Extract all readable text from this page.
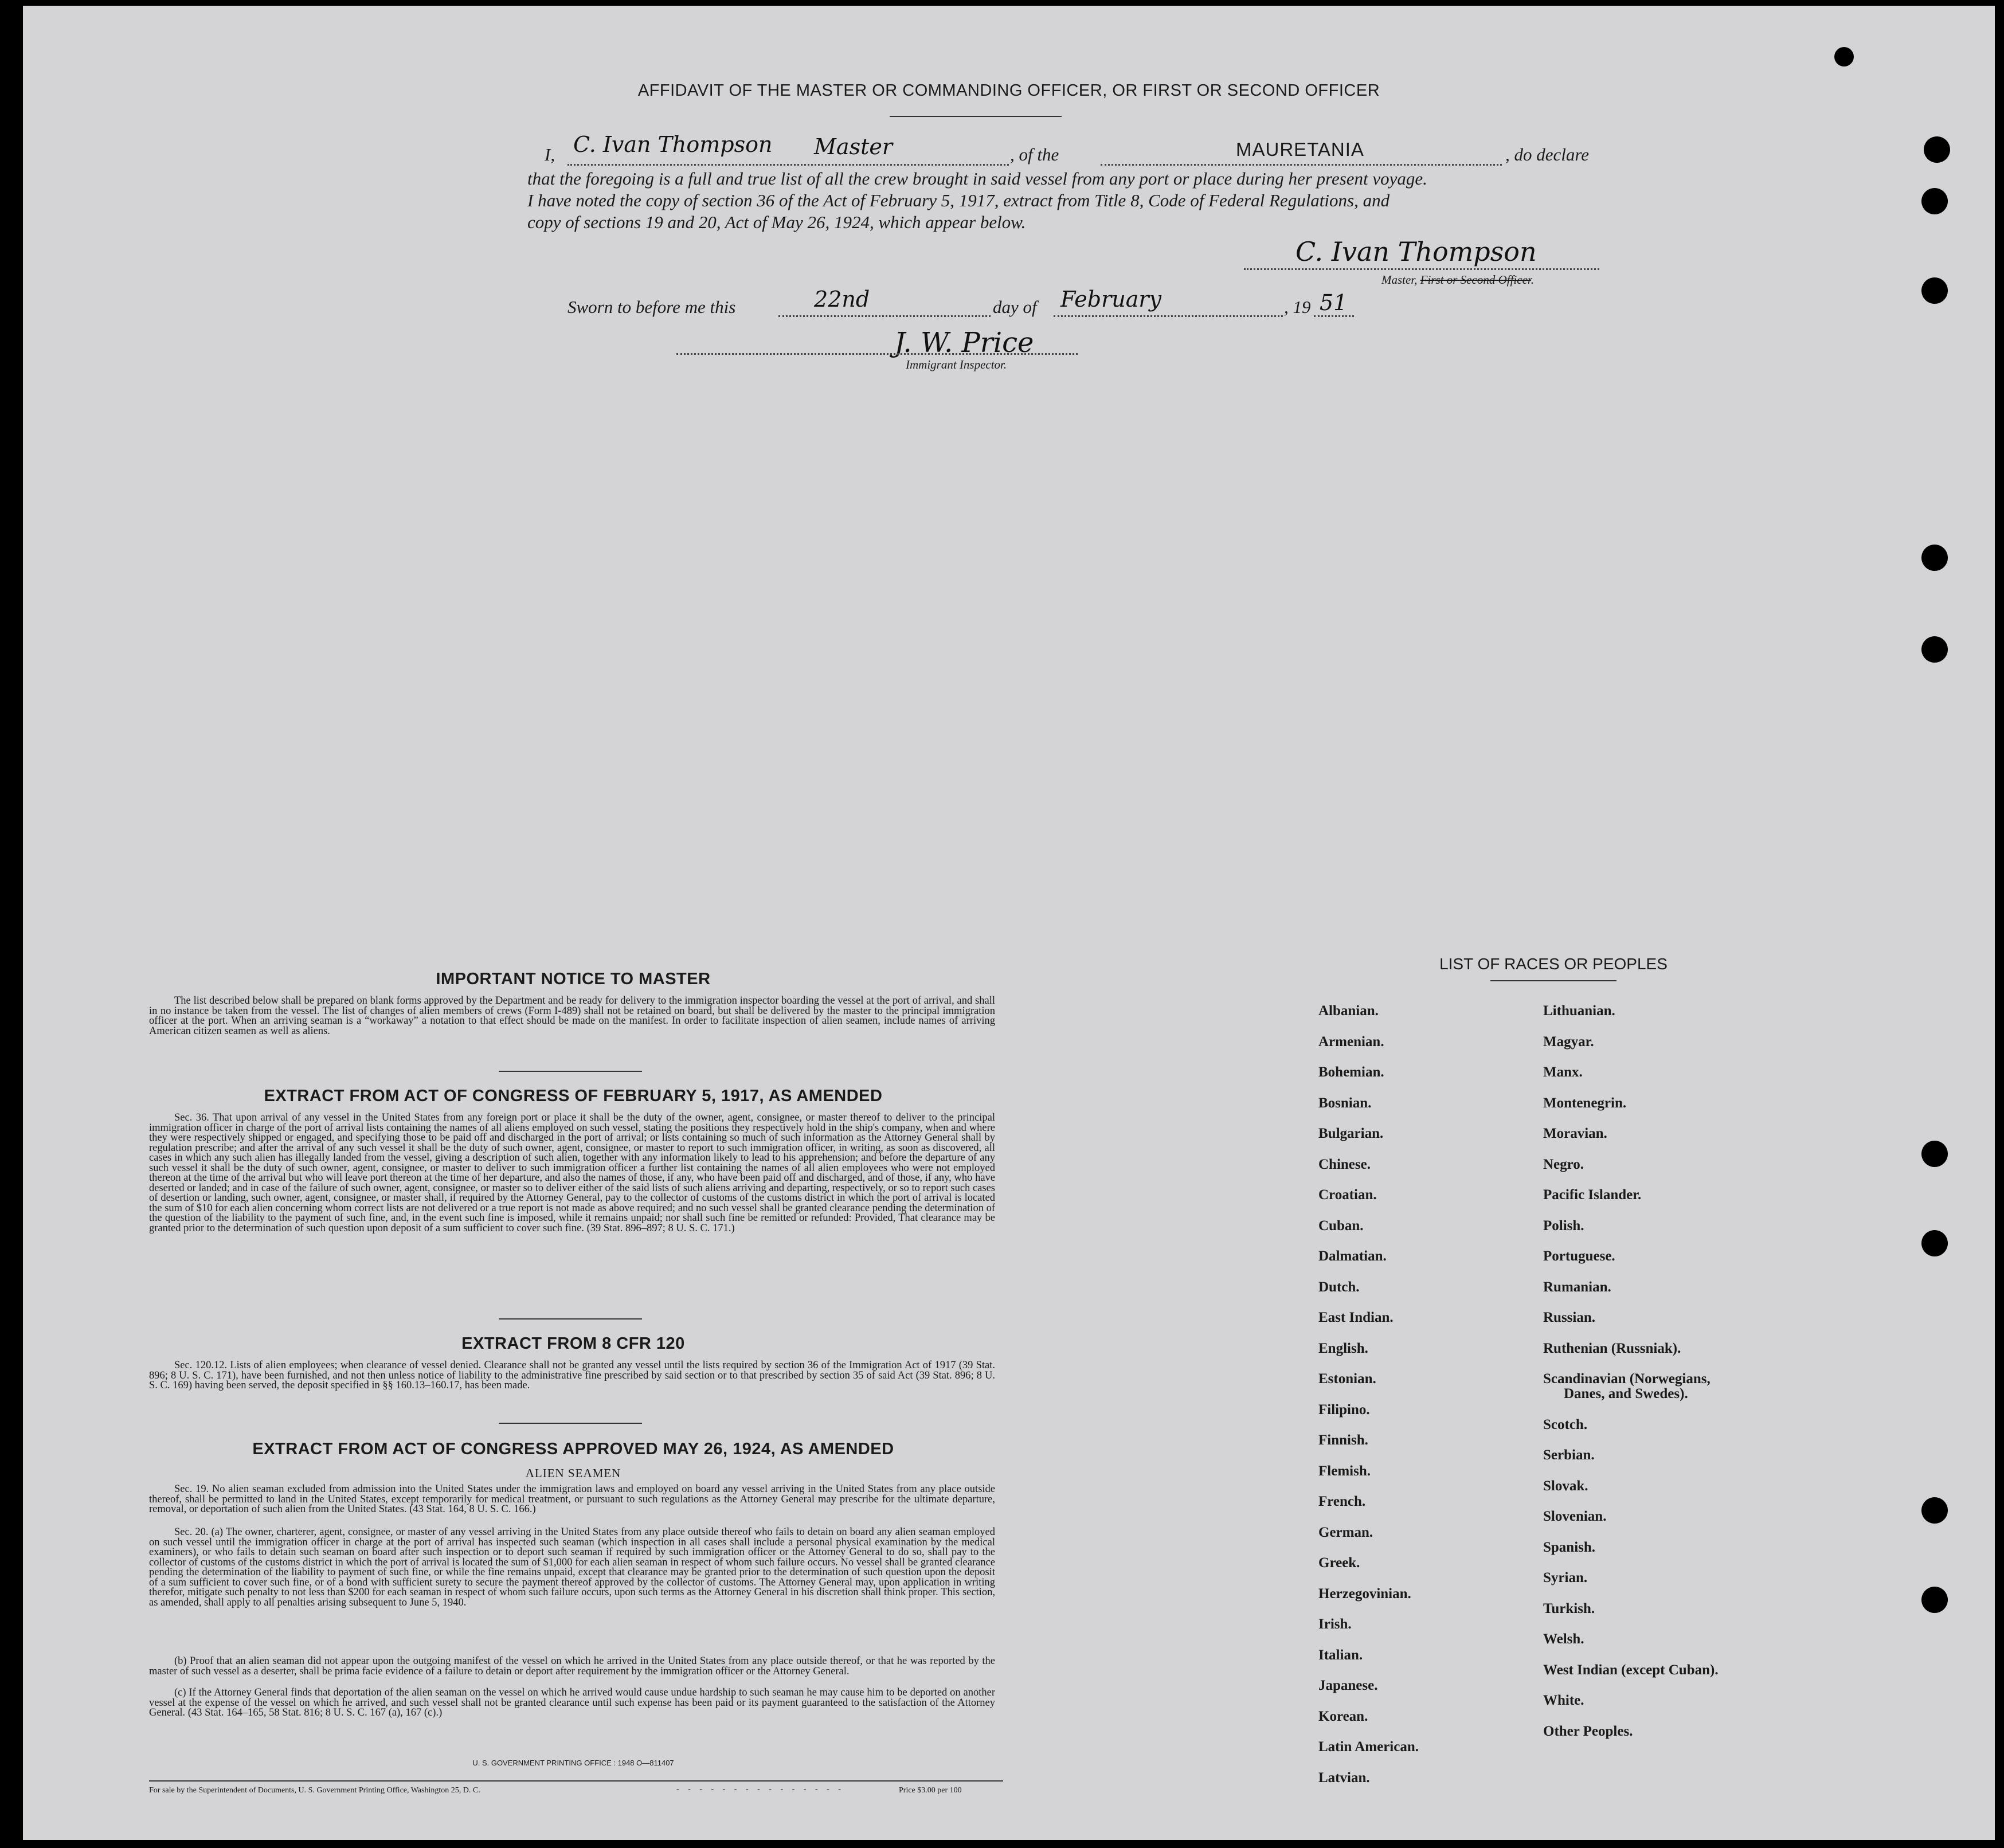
AFFIDAVIT OF THE MASTER OR COMMANDING OFFICER, OR FIRST OR SECOND OFFICER
I, C. Ivan Thompson Master	, of the	MAURETANIA	, do declare
that the foregoing is a full and true list of all the crew brought in said vessel from any port or place during her present voyage.
I have noted the copy of section 36 of the Act of February 5, 1917, extract from Title 8, Code of Federal Regulations, and
copy of sections 19 and 20, Act of May 26, 1924, which appear below.
C. Ivan Thompson
Master, First or Second Officer.
Sworn to before me this	22nd	day of February	, 19 51
J. W. Price
Immigrant Inspector.
IMPORTANT NOTICE TO MASTER
The list described below shall be prepared on blank forms approved by the Department and be ready for delivery to the immigration inspector boarding the vessel at the port of arrival, and shall in no instance be taken from the vessel. The list of changes of alien members of crews (Form I-489) shall not be retained on board, but shall be delivered by the master to the principal immigration officer at the port. When an arriving seaman is a “workaway” a notation to that effect should be made on the manifest. In order to facilitate inspection of alien seamen, include names of arriving American citizen seamen as well as aliens.
EXTRACT FROM ACT OF CONGRESS OF FEBRUARY 5, 1917, AS AMENDED
Sec. 36. That upon arrival of any vessel in the United States from any foreign port or place it shall be the duty of the owner, agent, consignee, or master thereof to deliver to the principal immigration officer in charge of the port of arrival lists containing the names of all aliens employed on such vessel, stating the positions they respectively hold in the ship's company, when and where they were respectively shipped or engaged, and specifying those to be paid off and discharged in the port of arrival; or lists containing so much of such information as the Attorney General shall by regulation prescribe; and after the arrival of any such vessel it shall be the duty of such owner, agent, consignee, or master to report to such immigration officer, in writing, as soon as discovered, all cases in which any such alien has illegally landed from the vessel, giving a description of such alien, together with any information likely to lead to his apprehension; and before the departure of any such vessel it shall be the duty of such owner, agent, consignee, or master to deliver to such immigration officer a further list containing the names of all alien employees who were not employed thereon at the time of the arrival but who will leave port thereon at the time of her departure, and also the names of those, if any, who have been paid off and discharged, and of those, if any, who have deserted or landed; and in case of the failure of such owner, agent, consignee, or master so to deliver either of the said lists of such aliens arriving and departing, respectively, or so to report such cases of desertion or landing, such owner, agent, consignee, or master shall, if required by the Attorney General, pay to the collector of customs of the customs district in which the port of arrival is located the sum of $10 for each alien concerning whom correct lists are not delivered or a true report is not made as above required; and no such vessel shall be granted clearance pending the determination of the question of the liability to the payment of such fine, and, in the event such fine is imposed, while it remains unpaid; nor shall such fine be remitted or refunded: Provided, That clearance may be granted prior to the determination of such question upon deposit of a sum sufficient to cover such fine. (39 Stat. 896–897; 8 U. S. C. 171.)
EXTRACT FROM 8 CFR 120
Sec. 120.12. Lists of alien employees; when clearance of vessel denied. Clearance shall not be granted any vessel until the lists required by section 36 of the Immigration Act of 1917 (39 Stat. 896; 8 U. S. C. 171), have been furnished, and not then unless notice of liability to the administrative fine prescribed by said section or to that prescribed by section 35 of said Act (39 Stat. 896; 8 U. S. C. 169) having been served, the deposit specified in §§ 160.13–160.17, has been made.
EXTRACT FROM ACT OF CONGRESS APPROVED MAY 26, 1924, AS AMENDED
ALIEN SEAMEN
Sec. 19. No alien seaman excluded from admission into the United States under the immigration laws and employed on board any vessel arriving in the United States from any place outside thereof, shall be permitted to land in the United States, except temporarily for medical treatment, or pursuant to such regulations as the Attorney General may prescribe for the ultimate departure, removal, or deportation of such alien from the United States. (43 Stat. 164, 8 U. S. C. 166.)
Sec. 20. (a) The owner, charterer, agent, consignee, or master of any vessel arriving in the United States from any place outside thereof who fails to detain on board any alien seaman employed on such vessel until the immigration officer in charge at the port of arrival has inspected such seaman (which inspection in all cases shall include a personal physical examination by the medical examiners), or who fails to detain such seaman on board after such inspection or to deport such seaman if required by such immigration officer or the Attorney General to do so, shall pay to the collector of customs of the customs district in which the port of arrival is located the sum of $1,000 for each alien seaman in respect of whom such failure occurs. No vessel shall be granted clearance pending the determination of the liability to payment of such fine, or while the fine remains unpaid, except that clearance may be granted prior to the determination of such question upon the deposit of a sum sufficient to cover such fine, or of a bond with sufficient surety to secure the payment thereof approved by the collector of customs. The Attorney General may, upon application in writing therefor, mitigate such penalty to not less than $200 for each seaman in respect of whom such failure occurs, upon such terms as the Attorney General in his discretion shall think proper. This section, as amended, shall apply to all penalties arising subsequent to June 5, 1940.
(b) Proof that an alien seaman did not appear upon the outgoing manifest of the vessel on which he arrived in the United States from any place outside thereof, or that he was reported by the master of such vessel as a deserter, shall be prima facie evidence of a failure to detain or deport after requirement by the immigration officer or the Attorney General.
(c) If the Attorney General finds that deportation of the alien seaman on the vessel on which he arrived would cause undue hardship to such seaman he may cause him to be deported on another vessel at the expense of the vessel on which he arrived, and such vessel shall not be granted clearance until such expense has been paid or its payment guaranteed to the satisfaction of the Attorney General. (43 Stat. 164–165, 58 Stat. 816; 8 U. S. C. 167 (a), 167 (c).)
U. S. GOVERNMENT PRINTING OFFICE : 1948 O—811407
For sale by the Superintendent of Documents, U. S. Government Printing Office, Washington 25, D. C.	- - - - - - - - - - - - - - -	Price $3.00 per 100
LIST OF RACES OR PEOPLES
Albanian.
Armenian.
Bohemian.
Bosnian.
Bulgarian.
Chinese.
Croatian.
Cuban.
Dalmatian.
Dutch.
East Indian.
English.
Estonian.
Filipino.
Finnish.
Flemish.
French.
German.
Greek.
Herzegovinian.
Irish.
Italian.
Japanese.
Korean.
Latin American.
Latvian.
Lithuanian.
Magyar.
Manx.
Montenegrin.
Moravian.
Negro.
Pacific Islander.
Polish.
Portuguese.
Rumanian.
Russian.
Ruthenian (Russniak).
Scandinavian (Norwegians,
Danes, and Swedes).
Scotch.
Serbian.
Slovak.
Slovenian.
Spanish.
Syrian.
Turkish.
Welsh.
West Indian (except Cuban).
White.
Other Peoples.
